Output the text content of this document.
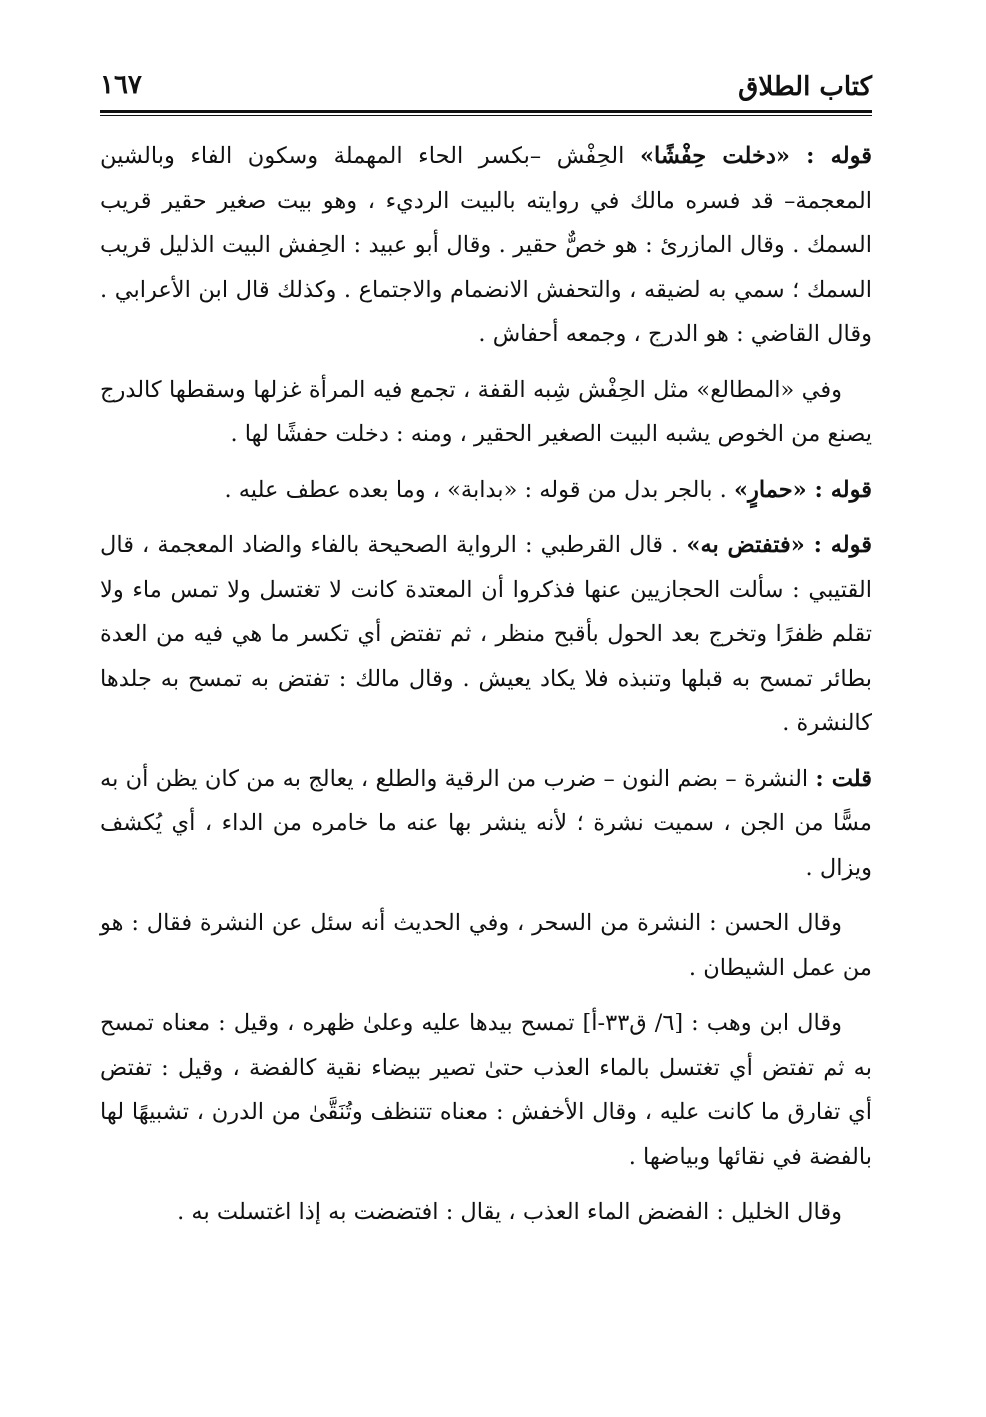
كتاب الطلاق
١٦٧

قوله : «دخلت حِفْشًا» الحِفْش –بكسر الحاء المهملة وسكون الفاء وبالشين المعجمة– قد فسره مالك في روايته بالبيت الرديء ، وهو بيت صغير حقير قريب السمك . وقال المازرئ : هو خصٌّ حقير . وقال أبو عبيد : الحِفش البيت الذليل قريب السمك ؛ سمي به لضيقه ، والتحفش الانضمام والاجتماع . وكذلك قال ابن الأعرابي . وقال القاضي : هو الدرج ، وجمعه أحفاش .

وفي «المطالع» مثل الحِفْش شِبه القفة ، تجمع فيه المرأة غزلها وسقطها كالدرج يصنع من الخوص يشبه البيت الصغير الحقير ، ومنه : دخلت حفشًا لها .

قوله : «حمارٍ» . بالجر بدل من قوله : «بدابة» ، وما بعده عطف عليه .

قوله : «فتفتض به» . قال القرطبي : الرواية الصحيحة بالفاء والضاد المعجمة ، قال القتيبي : سألت الحجازيين عنها فذكروا أن المعتدة كانت لا تغتسل ولا تمس ماء ولا تقلم ظفرًا وتخرج بعد الحول بأقبح منظر ، ثم تفتض أي تكسر ما هي فيه من العدة بطائر تمسح به قبلها وتنبذه فلا يكاد يعيش . وقال مالك : تفتض به تمسح به جلدها كالنشرة .

قلت : النشرة – بضم النون – ضرب من الرقية والطلع ، يعالج به من كان يظن أن به مسًّا من الجن ، سميت نشرة ؛ لأنه ينشر بها عنه ما خامره من الداء ، أي يُكشف ويزال .

وقال الحسن : النشرة من السحر ، وفي الحديث أنه سئل عن النشرة فقال : هو من عمل الشيطان .

وقال ابن وهب : [٦/ ق٣٣-أ] تمسح بيدها عليه وعلىٰ ظهره ، وقيل : معناه تمسح به ثم تفتض أي تغتسل بالماء العذب حتىٰ تصير بيضاء نقية كالفضة ، وقيل : تفتض أي تفارق ما كانت عليه ، وقال الأخفش : معناه تتنظف وتُنَقَّىٰ من الدرن ، تشبيهًا لها بالفضة في نقائها وبياضها .

وقال الخليل : الفضض الماء العذب ، يقال : افتضضت به إذا اغتسلت به .
